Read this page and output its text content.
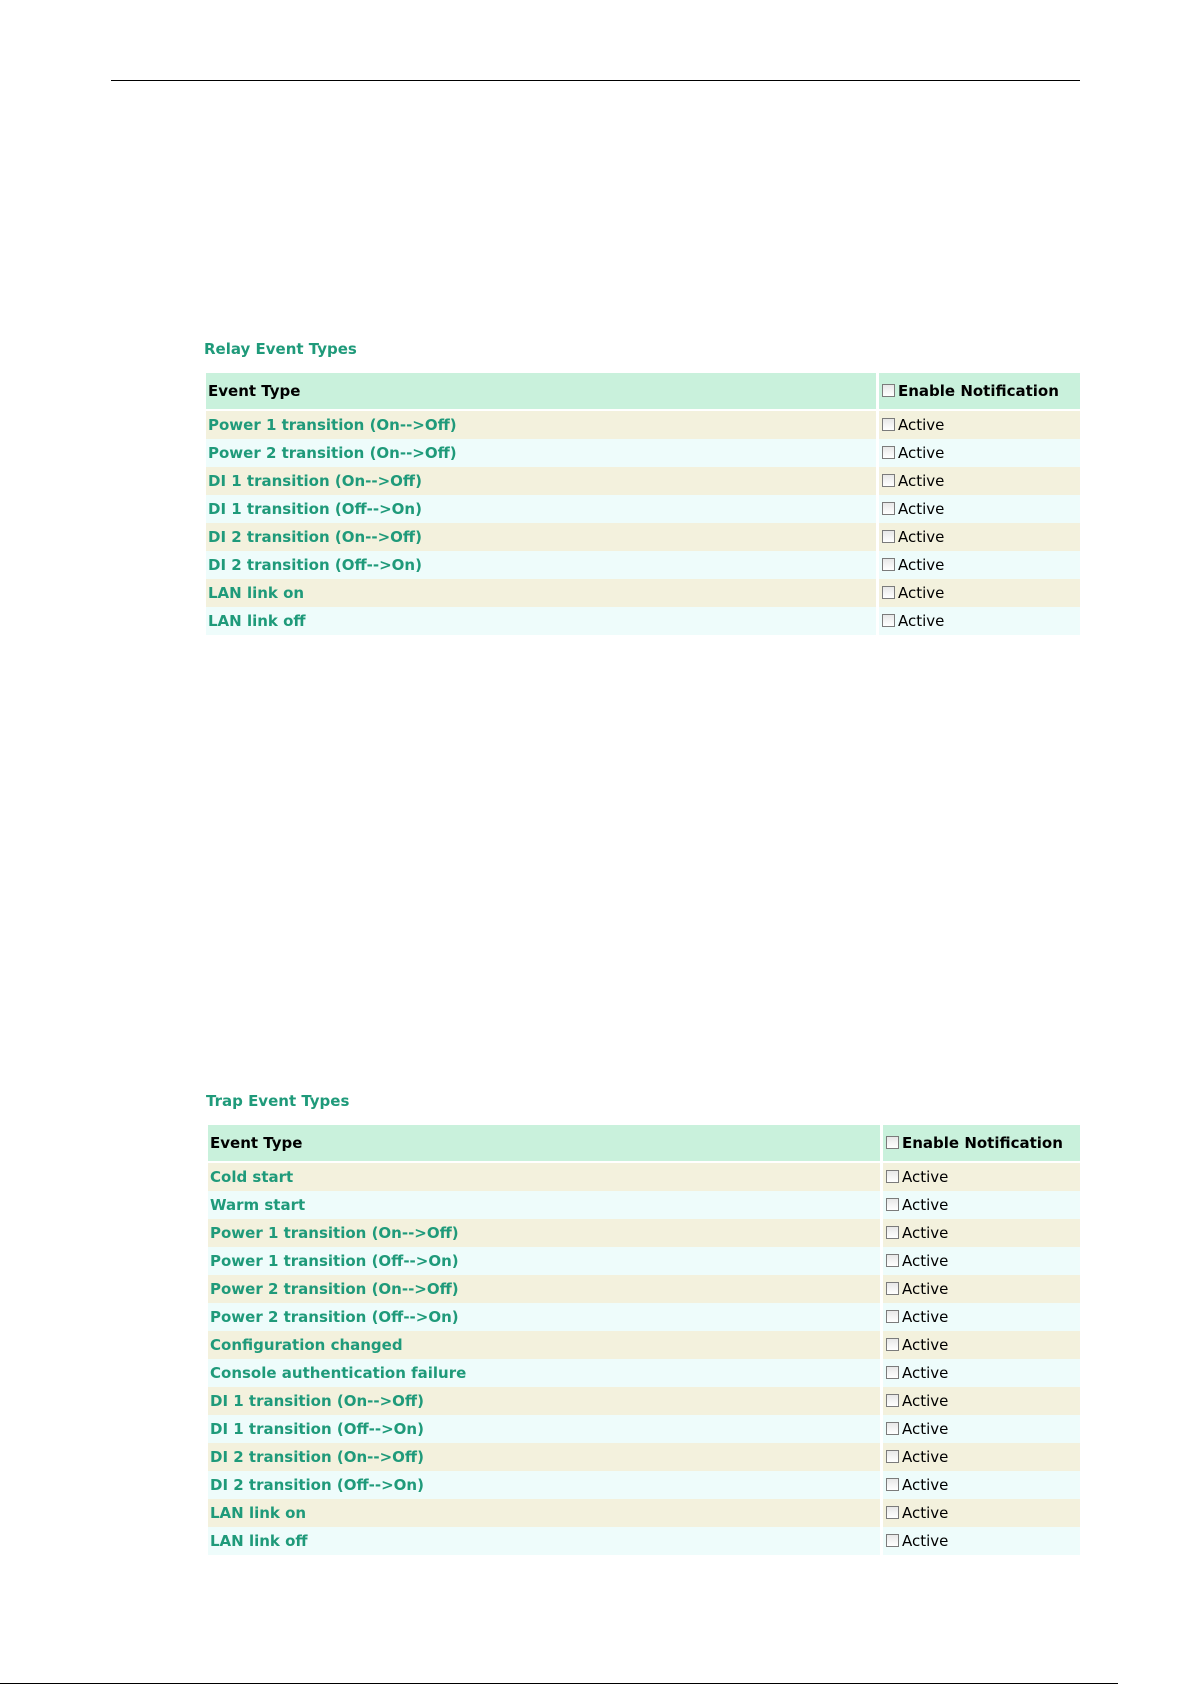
Relay Event Types
Event Type	Enable Notification
Power 1 transition (On-->Off)	Active
Power 2 transition (On-->Off)	Active
DI 1 transition (On-->Off)	Active
DI 1 transition (Off-->On)	Active
DI 2 transition (On-->Off)	Active
DI 2 transition (Off-->On)	Active
LAN link on	Active
LAN link off	Active
Trap Event Types
Event Type	Enable Notification
Cold start	Active
Warm start	Active
Power 1 transition (On-->Off)	Active
Power 1 transition (Off-->On)	Active
Power 2 transition (On-->Off)	Active
Power 2 transition (Off-->On)	Active
Configuration changed	Active
Console authentication failure	Active
DI 1 transition (On-->Off)	Active
DI 1 transition (Off-->On)	Active
DI 2 transition (On-->Off)	Active
DI 2 transition (Off-->On)	Active
LAN link on	Active
LAN link off	Active
